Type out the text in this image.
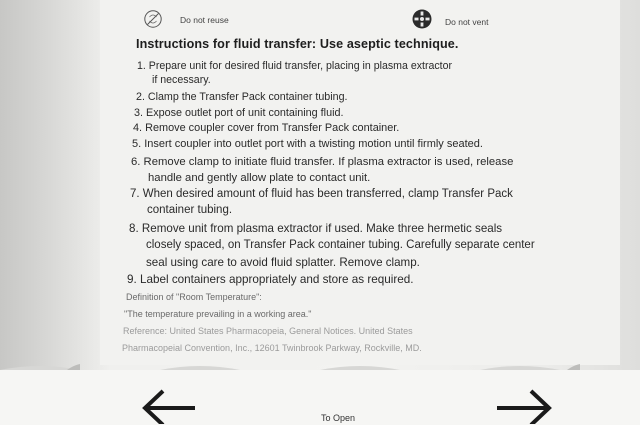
Do not reuse	Do not vent
Instructions for fluid transfer: Use aseptic technique.
1. Prepare unit for desired fluid transfer, placing in plasma extractor
if necessary.
2. Clamp the Transfer Pack container tubing.
3. Expose outlet port of unit containing fluid.
4. Remove coupler cover from Transfer Pack container.
5. Insert coupler into outlet port with a twisting motion until firmly seated.
6. Remove clamp to initiate fluid transfer. If plasma extractor is used, release
handle and gently allow plate to contact unit.
7. When desired amount of fluid has been transferred, clamp Transfer Pack
container tubing.
8. Remove unit from plasma extractor if used. Make three hermetic seals
closely spaced, on Transfer Pack container tubing. Carefully separate center
seal using care to avoid fluid splatter. Remove clamp.
9. Label containers appropriately and store as required.
Definition of "Room Temperature":
"The temperature prevailing in a working area."
Reference: United States Pharmacopeia, General Notices. United States
Pharmacopeial Convention, Inc., 12601 Twinbrook Parkway, Rockville, MD.
To Open
